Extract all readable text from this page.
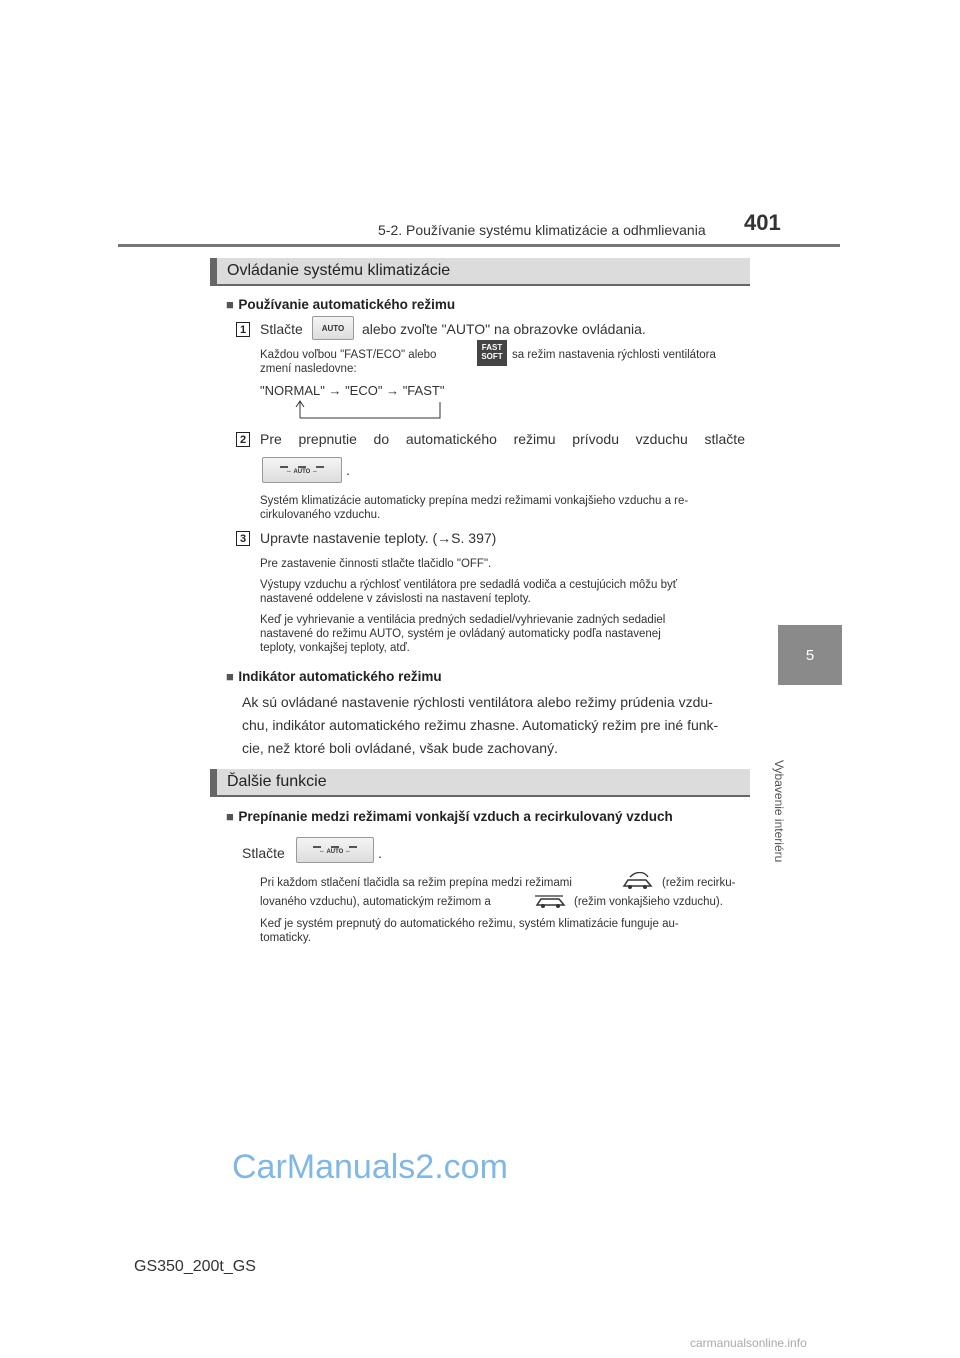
5-2. Používanie systému klimatizácie a odhmlievania 401
5
Vybavenie interiéru
Ovládanie systému klimatizácie
■ Používanie automatického režimu
1 Stlačte AUTO alebo zvoľte "AUTO" na obrazovke ovládania.
Každou voľbou "FAST/ECO" alebo
FAST
SOFT sa režim nastavenia rýchlosti ventilátora
zmení nasledovne:
"NORMAL" → "ECO" → "FAST"
2 Pre prepnutie do automatického režimu prívodu vzduchu stlačte
⇔ AUTO ⇔ .
Systém klimatizácie automaticky prepína medzi režimami vonkajšieho vzduchu a re-
cirkulovaného vzduchu.
3 Upravte nastavenie teploty. (→S. 397)
Pre zastavenie činnosti stlačte tlačidlo "OFF".
Výstupy vzduchu a rýchlosť ventilátora pre sedadlá vodiča a cestujúcich môžu byť
nastavené oddelene v závislosti na nastavení teploty.
Keď je vyhrievanie a ventilácia predných sedadiel/vyhrievanie zadných sedadiel
nastavené do režimu AUTO, systém je ovládaný automaticky podľa nastavenej
teploty, vonkajšej teploty, atď.
■ Indikátor automatického režimu
Ak sú ovládané nastavenie rýchlosti ventilátora alebo režimy prúdenia vzdu-
chu, indikátor automatického režimu zhasne. Automatický režim pre iné funk-
cie, než ktoré boli ovládané, však bude zachovaný.
Ďalšie funkcie
■ Prepínanie medzi režimami vonkajší vzduch a recirkulovaný vzduch
Stlačte	⇔ AUTO ⇔ .
Pri každom stlačení tlačidla sa režim prepína medzi režimami	(režim recirku-
lovaného vzduchu), automatickým režimom a	(režim vonkajšieho vzduchu).
Keď je systém prepnutý do automatického režimu, systém klimatizácie funguje au-
tomaticky.
CarManuals2.com
GS350_200t_GS
carmanualsonline.info
